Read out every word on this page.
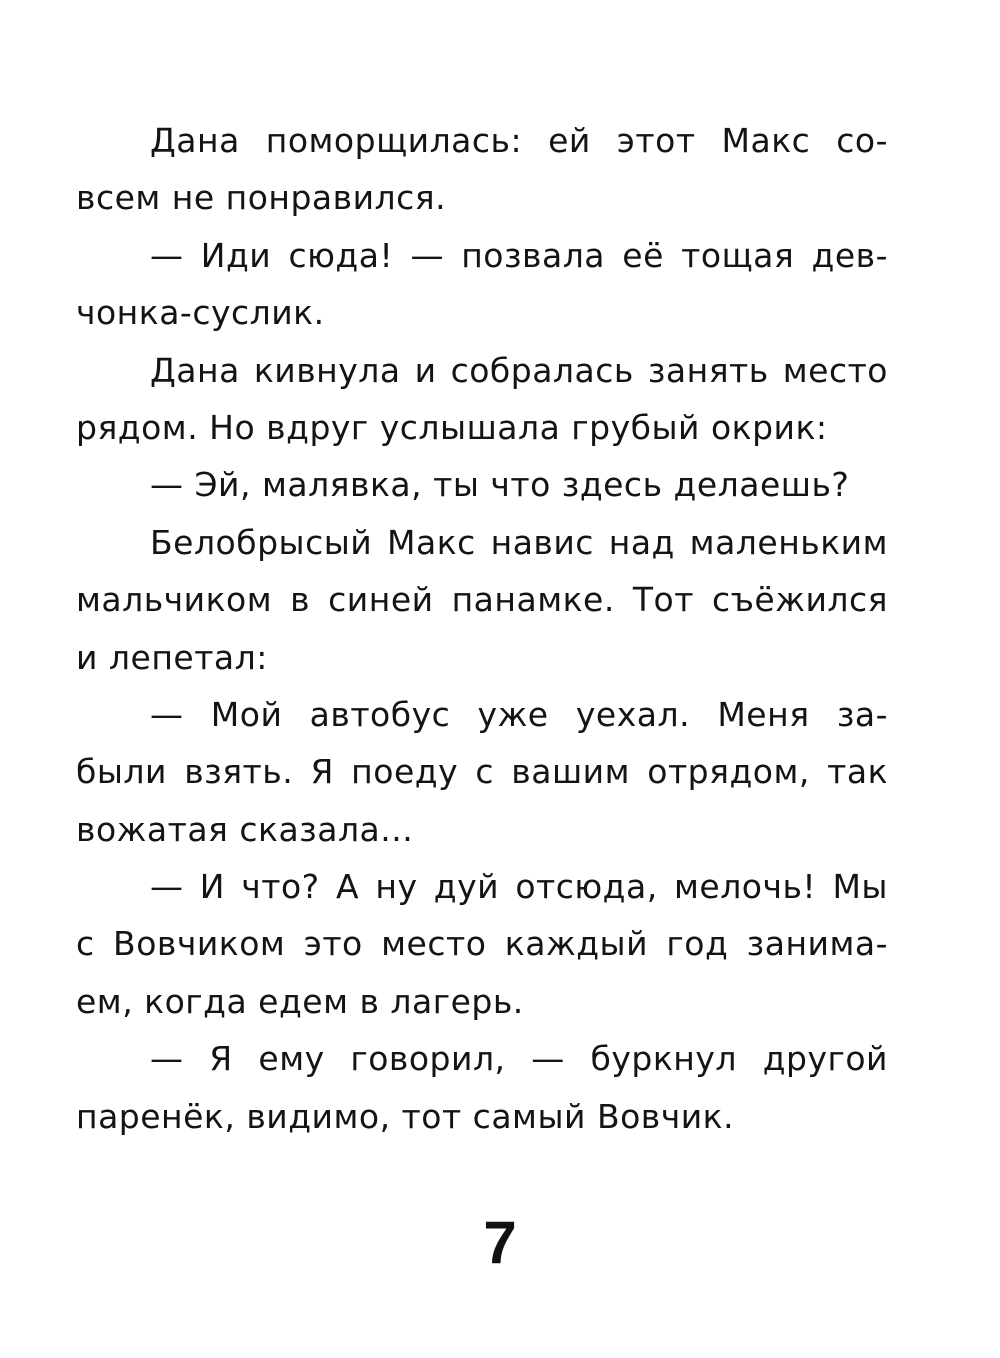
Дана поморщилась: ей этот Макс со-
всем не понравился.
— Иди сюда! — позвала её тощая дев-
чонка-суслик.
Дана кивнула и собралась занять место
рядом. Но вдруг услышала грубый окрик:
— Эй, малявка, ты что здесь делаешь?
Белобрысый Макс навис над маленьким
мальчиком в синей панамке. Тот съёжился
и лепетал:
— Мой автобус уже уехал. Меня за-
были взять. Я поеду с вашим отрядом, так
вожатая сказала...
— И что? А ну дуй отсюда, мелочь! Мы
с Вовчиком это место каждый год занима-
ем, когда едем в лагерь.
— Я ему говорил, — буркнул другой
паренёк, видимо, тот самый Вовчик.
7
